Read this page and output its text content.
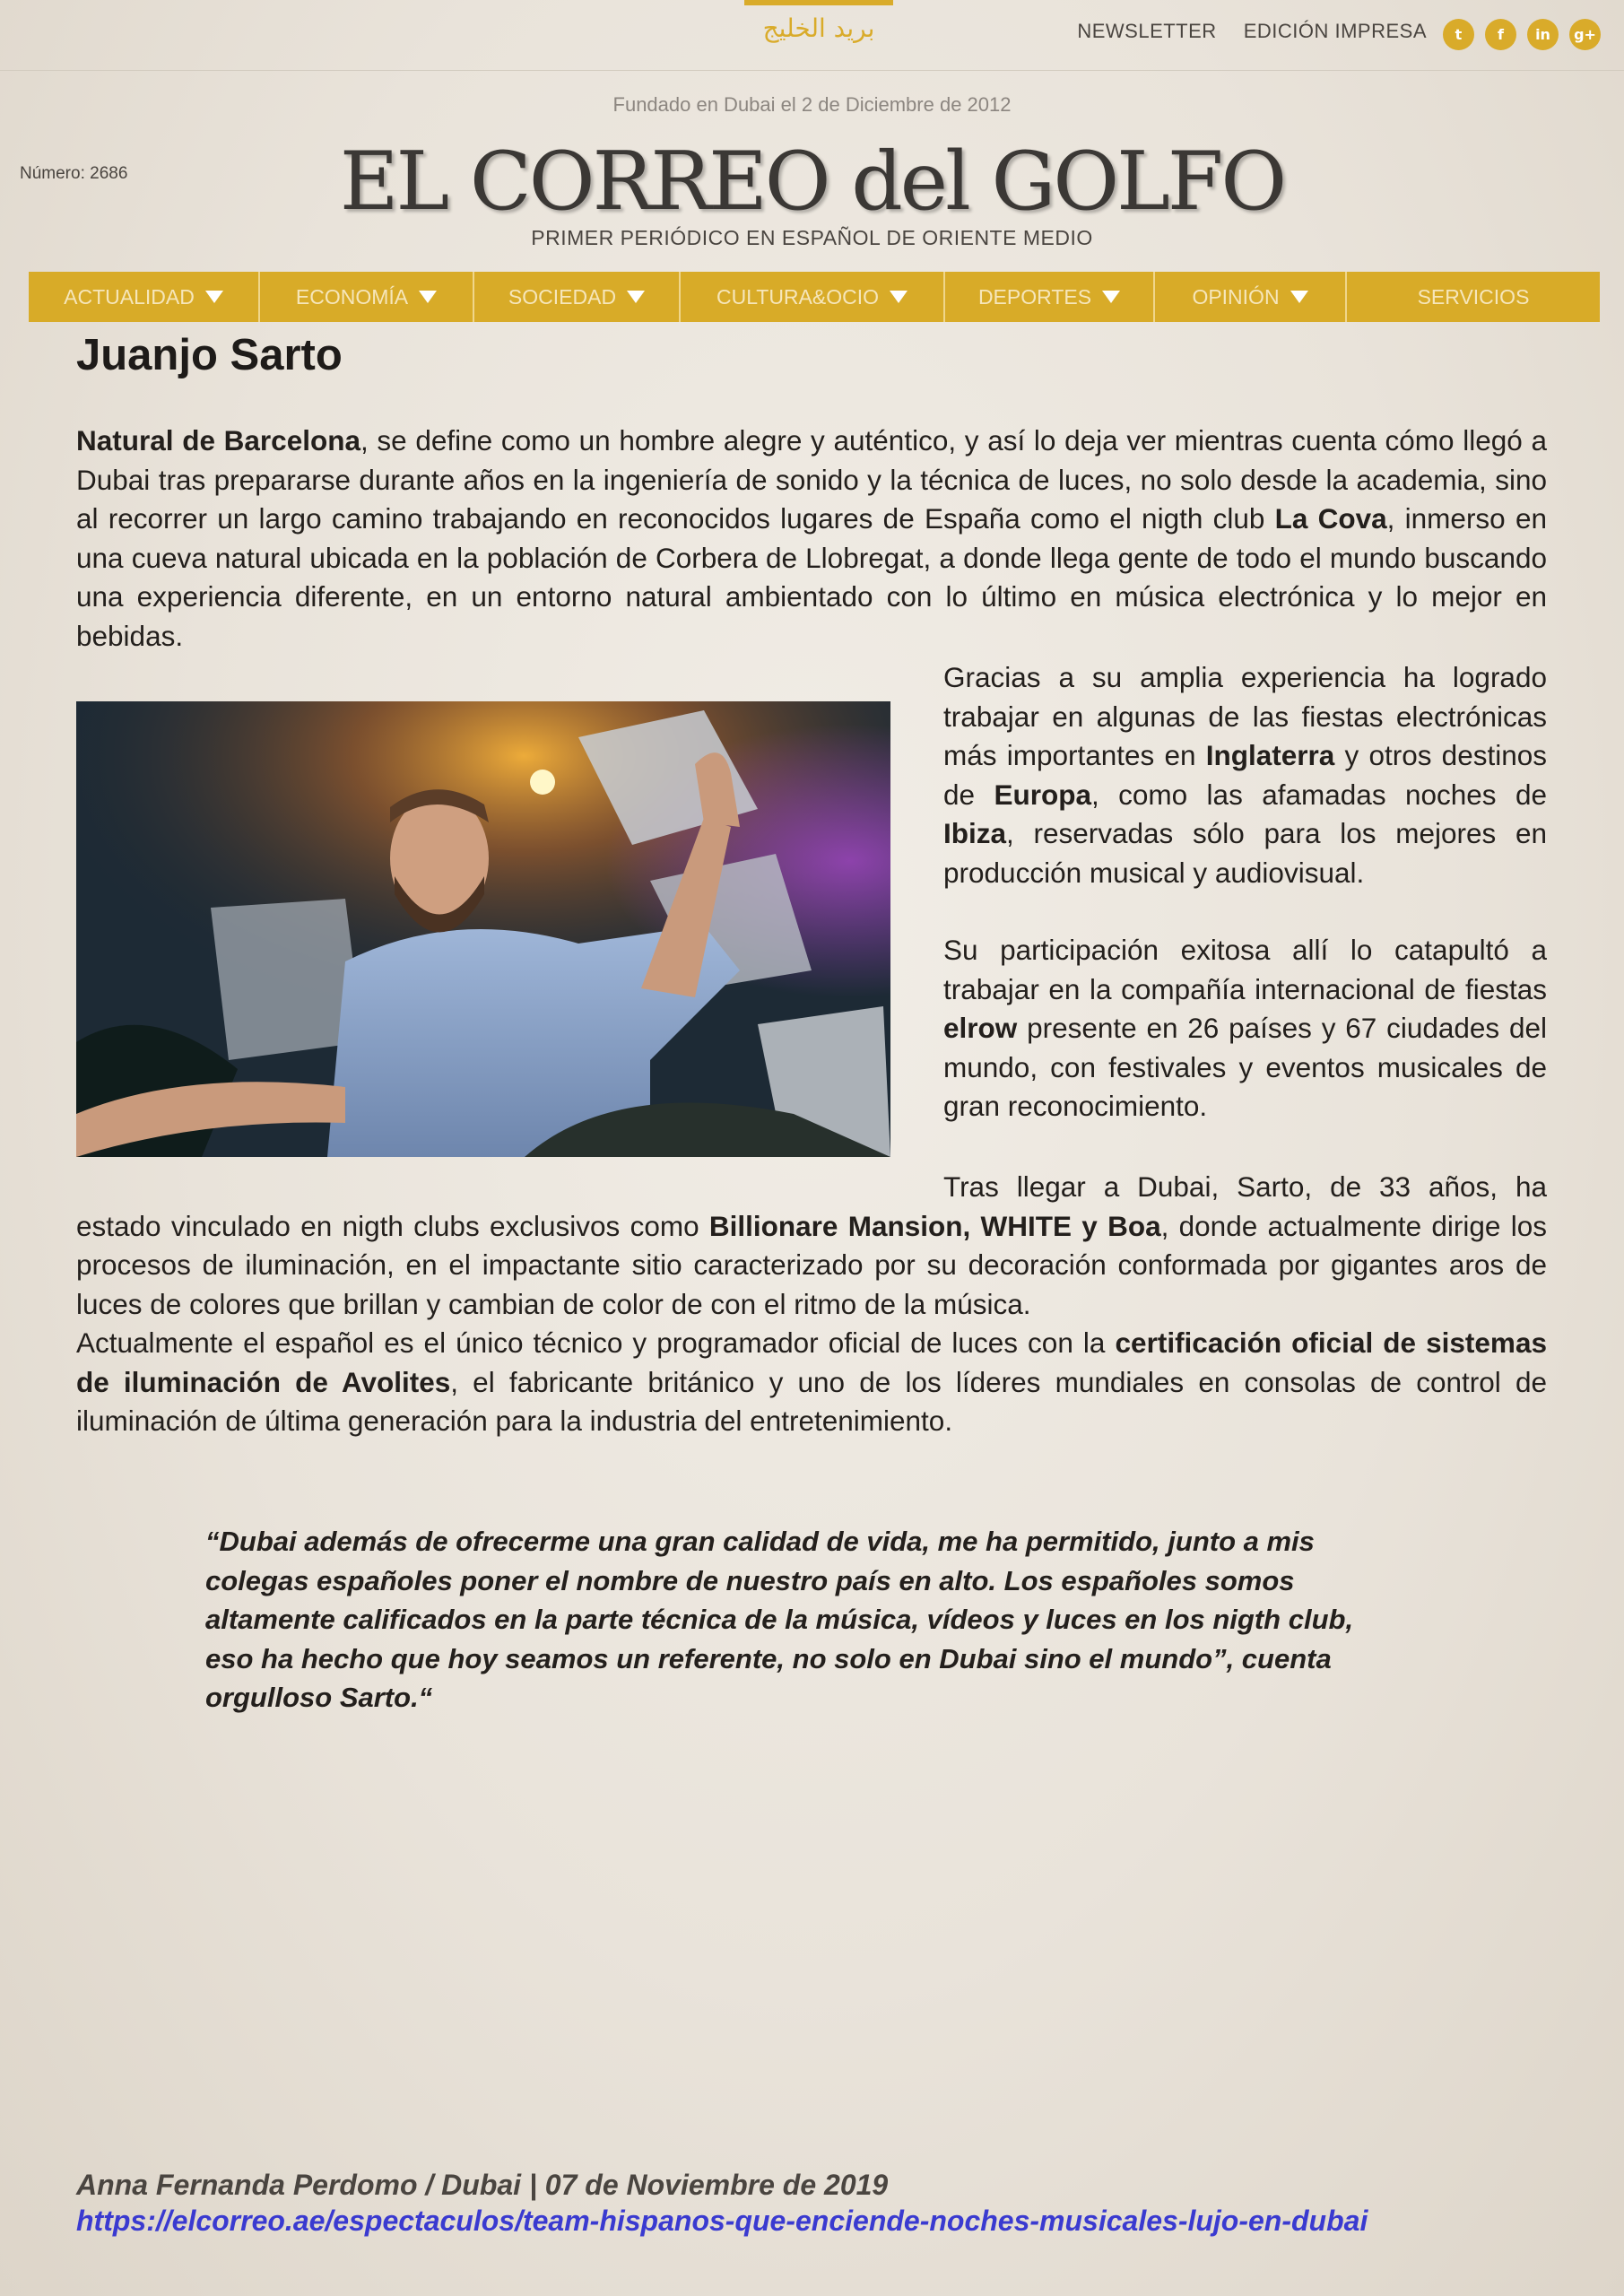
بريد الخليج	NEWSLETTER EDICIÓN IMPRESA	t	f	in	g+
Fundado en Dubai el 2 de Diciembre de 2012
Número: 2686	EL CORREO del GOLFO
PRIMER PERIÓDICO EN ESPAÑOL DE ORIENTE MEDIO
ACTUALIDAD	ECONOMÍA	SOCIEDAD	CULTURA&OCIO	DEPORTES	OPINIÓN	SERVICIOS
Juanjo Sarto

Natural de Barcelona, se define como un hombre alegre y auténtico, y así lo deja ver mientras cuenta cómo llegó a Dubai tras prepararse durante años en la ingeniería de sonido y la técnica de luces, no solo desde la academia, sino al recorrer un largo camino trabajando en reconocidos lugares de España como el nigth club La Cova, inmerso en una cueva natural ubicada en la población de Corbera de Llobregat, a donde llega gente de todo el mundo buscando una experiencia diferente, en un entorno natural ambientado con lo último en música electrónica y lo mejor en bebidas.

Gracias a su amplia experiencia ha logrado trabajar en algunas de las fiestas electrónicas más importantes en Inglaterra y otros destinos de Europa, como las afamadas noches de Ibiza, reservadas sólo para los mejores en producción musical y audiovisual.

Su participación exitosa allí lo catapultó a trabajar en la compañía internacional de fiestas elrow presente en 26 países y 67 ciudades del mundo, con festivales y eventos musicales de gran reconocimiento.

Tras llegar a Dubai, Sarto, de 33 años, ha estado vinculado en nigth clubs exclusivos como Billionare Mansion, WHITE y Boa, donde actualmente dirige los procesos de iluminación, en el impactante sitio caracterizado por su decoración conformada por gigantes aros de luces de colores que brillan y cambian de color de con el ritmo de la música.

Actualmente el español es el único técnico y programador oficial de luces con la certificación oficial de sistemas de iluminación de Avolites, el fabricante británico y uno de los líderes mundiales en consolas de control de iluminación de última generación para la industria del entretenimiento.

“Dubai además de ofrecerme una gran calidad de vida, me ha permitido, junto a mis colegas españoles poner el nombre de nuestro país en alto. Los españoles somos altamente calificados en la parte técnica de la música, vídeos y luces en los nigth club, eso ha hecho que hoy seamos un referente, no solo en Dubai sino el mundo”, cuenta orgulloso Sarto.“

Anna Fernanda Perdomo / Dubai | 07 de Noviembre de 2019
https://elcorreo.ae/espectaculos/team-hispanos-que-enciende-noches-musicales-lujo-en-dubai
